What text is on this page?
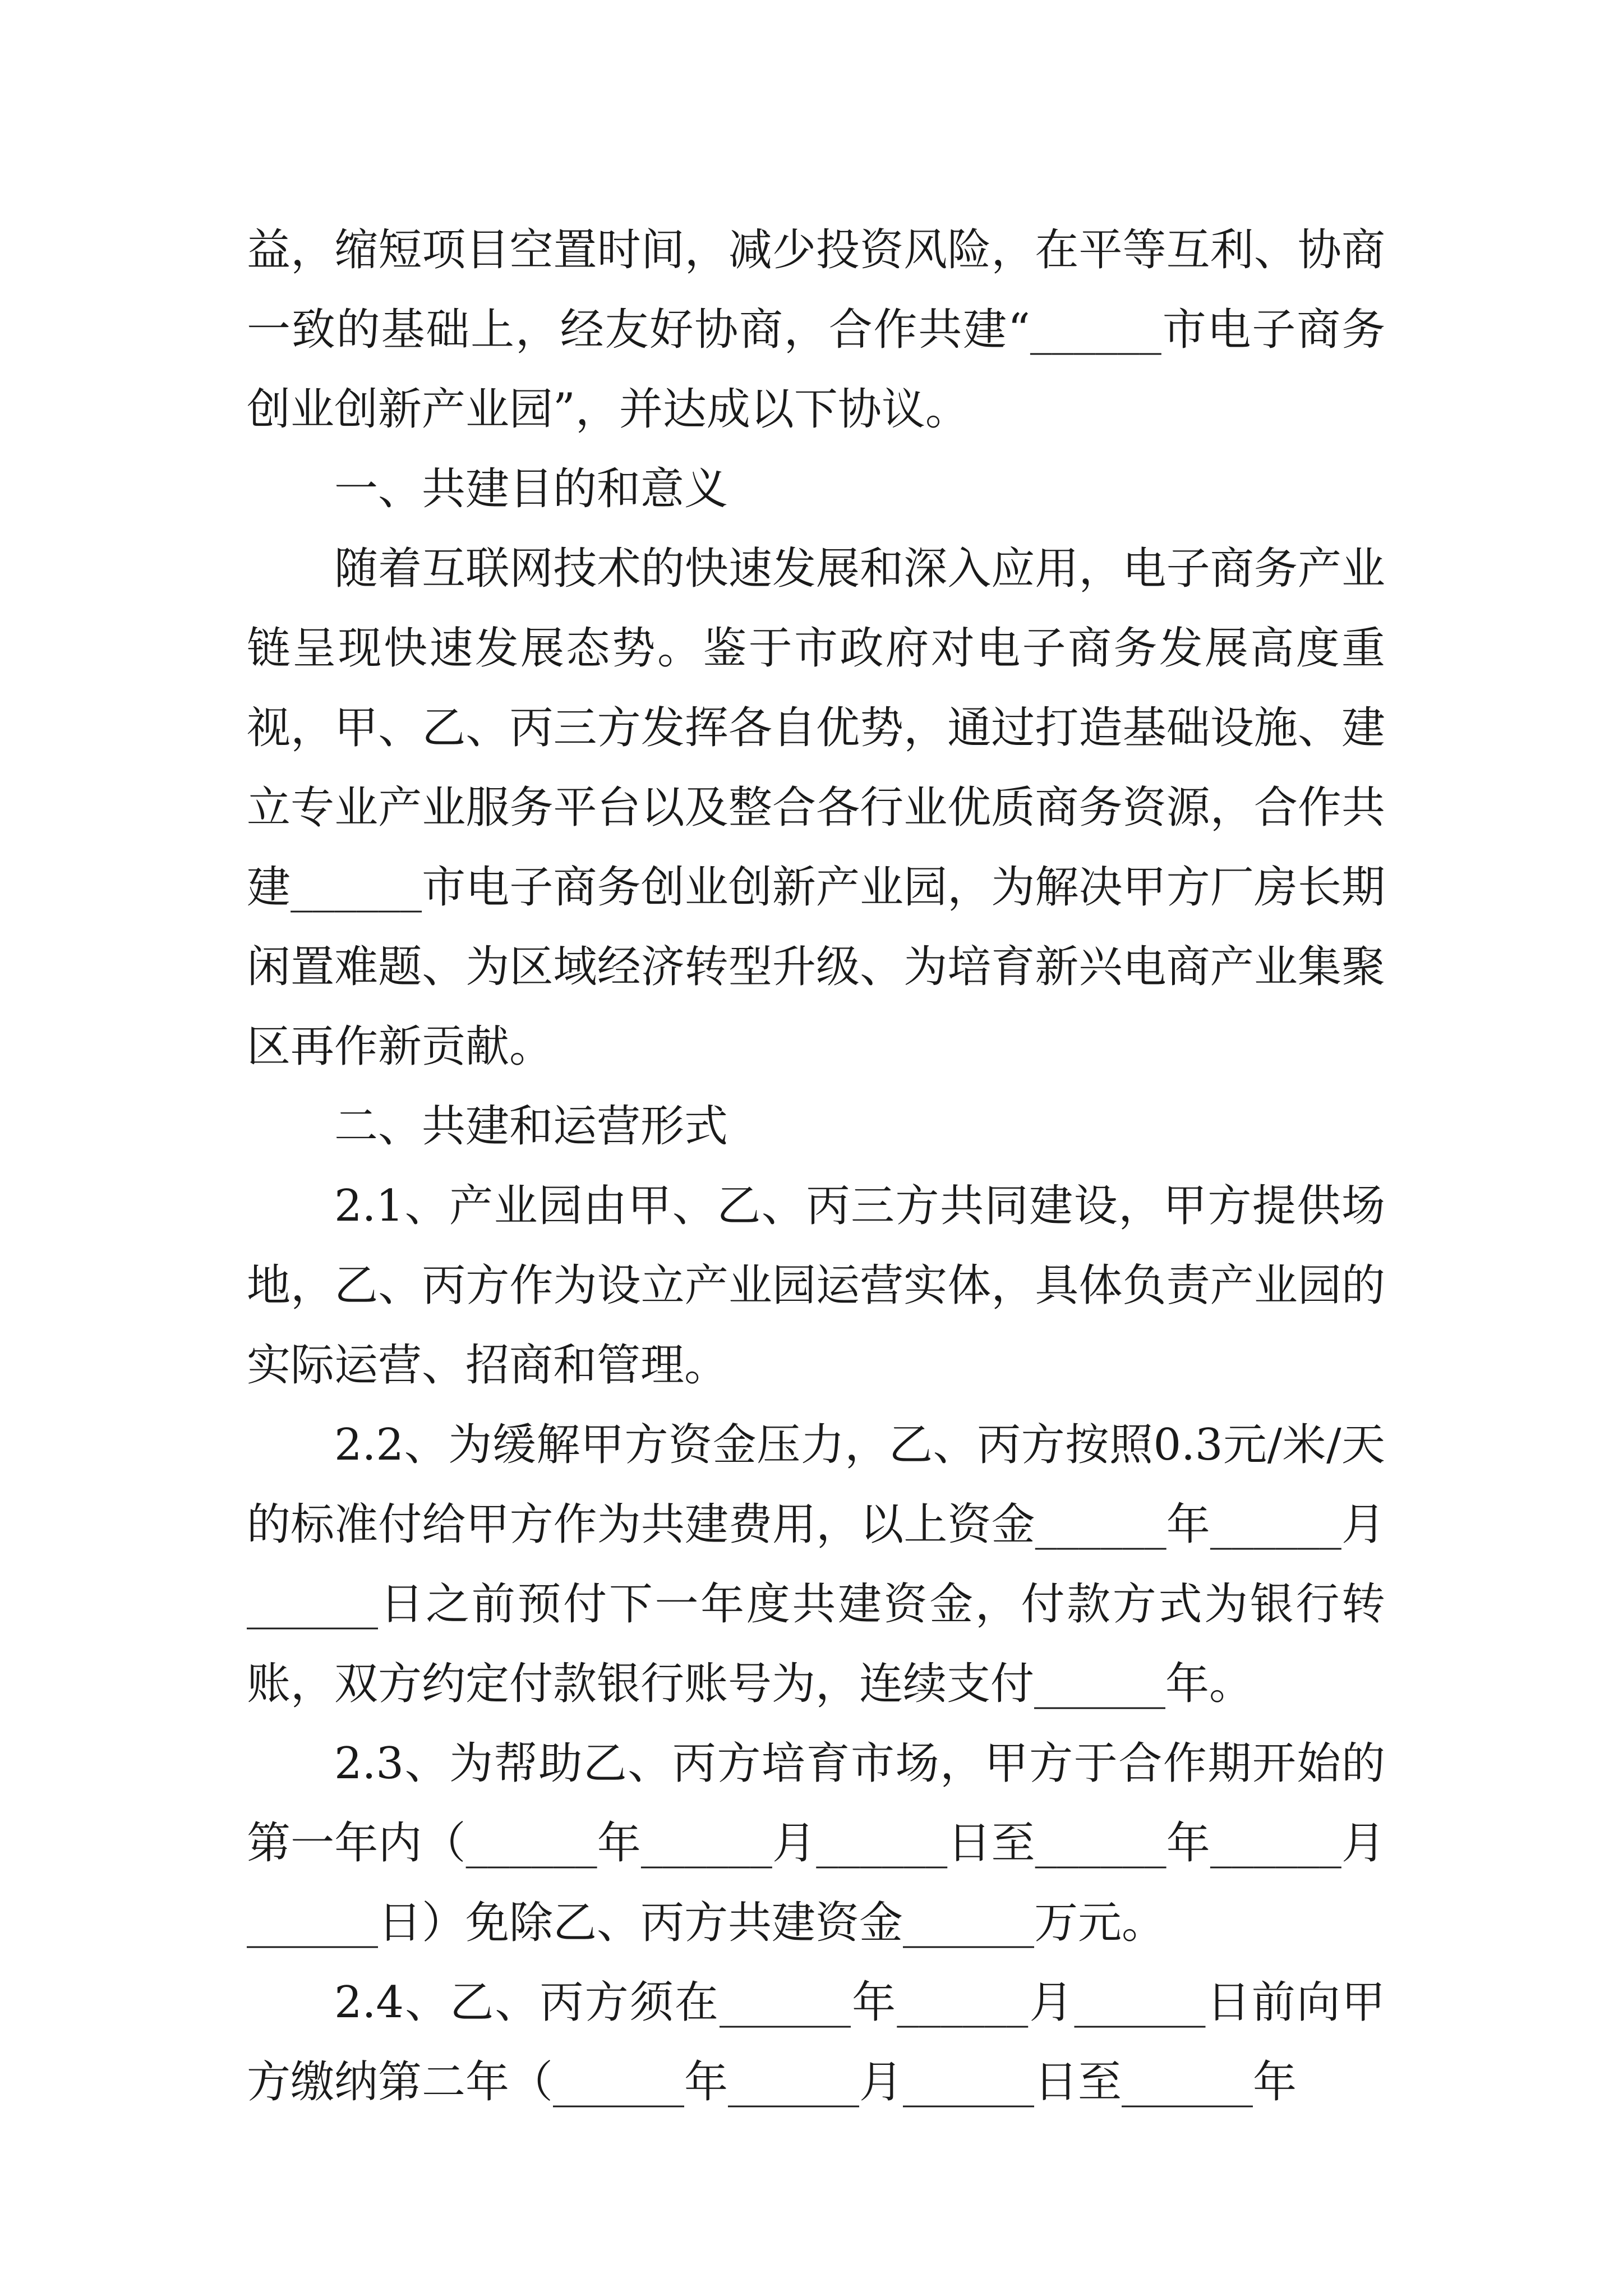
益，缩短项目空置时间，减少投资风险，在平等互利、协商一致的基础上，经友好协商，合作共建“______市电子商务创业创新产业园”，并达成以下协议。

一、共建目的和意义

随着互联网技术的快速发展和深入应用，电子商务产业链呈现快速发展态势。鉴于市政府对电子商务发展高度重视，甲、乙、丙三方发挥各自优势，通过打造基础设施、建立专业产业服务平台以及整合各行业优质商务资源，合作共建______市电子商务创业创新产业园，为解决甲方厂房长期闲置难题、为区域经济转型升级、为培育新兴电商产业集聚区再作新贡献。

二、共建和运营形式

2.1、产业园由甲、乙、丙三方共同建设，甲方提供场地，乙、丙方作为设立产业园运营实体，具体负责产业园的实际运营、招商和管理。

2.2、为缓解甲方资金压力，乙、丙方按照0.3元/米/天的标准付给甲方作为共建费用，以上资金______年______月______日之前预付下一年度共建资金，付款方式为银行转账，双方约定付款银行账号为，连续支付______年。

2.3、为帮助乙、丙方培育市场，甲方于合作期开始的第一年内（______年______月______日至______年______月______日）免除乙、丙方共建资金______万元。

2.4、乙、丙方须在______年______月______日前向甲方缴纳第二年（______年______月______日至______年
